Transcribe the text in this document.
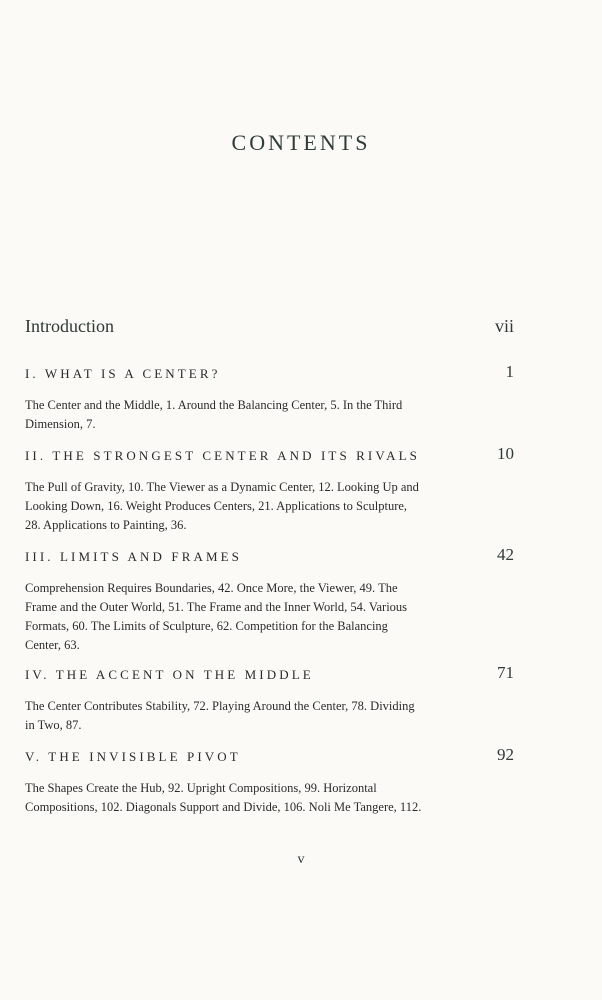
CONTENTS
Introduction	vii
I. WHAT IS A CENTER?	1
The Center and the Middle, 1. Around the Balancing Center, 5. In the Third Dimension, 7.
II. THE STRONGEST CENTER AND ITS RIVALS	10
The Pull of Gravity, 10. The Viewer as a Dynamic Center, 12. Looking Up and Looking Down, 16. Weight Produces Centers, 21. Applications to Sculpture, 28. Applications to Painting, 36.
III. LIMITS AND FRAMES	42
Comprehension Requires Boundaries, 42. Once More, the Viewer, 49. The Frame and the Outer World, 51. The Frame and the Inner World, 54. Various Formats, 60. The Limits of Sculpture, 62. Competition for the Balancing Center, 63.
IV. THE ACCENT ON THE MIDDLE	71
The Center Contributes Stability, 72. Playing Around the Center, 78. Dividing in Two, 87.
V. THE INVISIBLE PIVOT	92
The Shapes Create the Hub, 92. Upright Compositions, 99. Horizontal Compositions, 102. Diagonals Support and Divide, 106. Noli Me Tangere, 112.
v
